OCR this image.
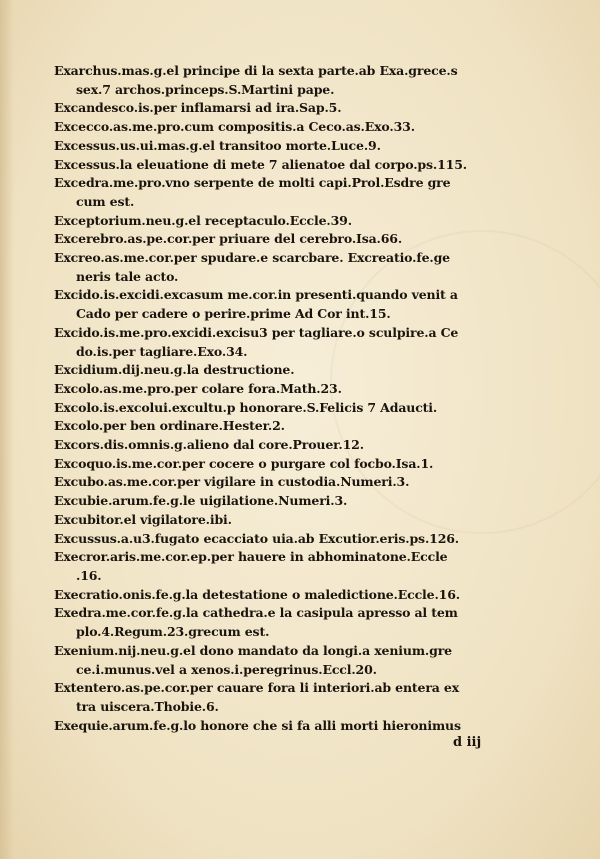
Exarchus.mas.g.el principe di la sexta parte.ab Exa.grece.s
sex.7 archos.princeps.S.Martini pape.
Excandesco.is.per inflamarsi ad ira.Sap.5.
Excecco.as.me.pro.cum compositis.a Ceco.as.Exo.33.
Excessus.us.ui.mas.g.el transitoo morte.Luce.9.
Excessus.la eleuatione di mete 7 alienatoe dal corpo.ps.115.
Excedra.me.pro.vno serpente de molti capi.Prol.Esdre gre
cum est.
Exceptorium.neu.g.el receptaculo.Eccle.39.
Excerebro.as.pe.cor.per priuare del cerebro.Isa.66.
Excreo.as.me.cor.per spudare.e scarcbare. Excreatio.fe.ge
neris tale acto.
Excido.is.excidi.excasum me.cor.in presenti.quando venit a
Cado per cadere o perire.prime Ad Cor int.15.
Excido.is.me.pro.excidi.excisu3 per tagliare.o sculpire.a Ce
do.is.per tagliare.Exo.34.
Excidium.dij.neu.g.la destructione.
Excolo.as.me.pro.per colare fora.Math.23.
Excolo.is.excolui.excultu.p honorare.S.Felicis 7 Adaucti.
Excolo.per ben ordinare.Hester.2.
Excors.dis.omnis.g.alieno dal core.Prouer.12.
Excoquo.is.me.cor.per cocere o purgare col focbo.Isa.1.
Excubo.as.me.cor.per vigilare in custodia.Numeri.3.
Excubie.arum.fe.g.le uigilatione.Numeri.3.
Excubitor.el vigilatore.ibi.
Excussus.a.u3.fugato ecacciato uia.ab Excutior.eris.ps.126.
Execror.aris.me.cor.ep.per hauere in abhominatone.Eccle
.16.
Execratio.onis.fe.g.la detestatione o maledictione.Eccle.16.
Exedra.me.cor.fe.g.la cathedra.e la casipula apresso al tem
plo.4.Regum.23.grecum est.
Exenium.nij.neu.g.el dono mandato da longi.a xenium.gre
ce.i.munus.vel a xenos.i.peregrinus.Eccl.20.
Extentero.as.pe.cor.per cauare fora li interiori.ab entera ex
tra uiscera.Thobie.6.
Exequie.arum.fe.g.lo honore che si fa alli morti hieronimus
d iij
